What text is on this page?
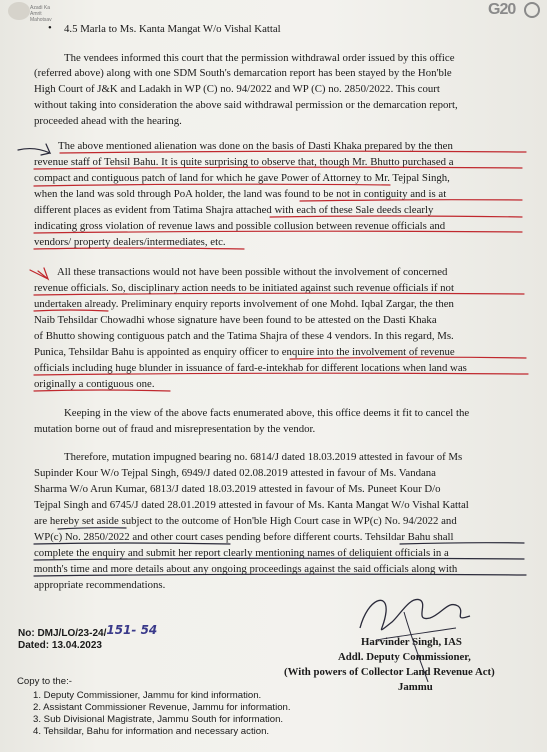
Azadi Ka
Amrit Mahotsav
G20
• 4.5 Marla to Ms. Kanta Mangat W/o Vishal Kattal
The vendees informed this court that the permission withdrawal order issued by this office
(referred above) along with one SDM South's demarcation report has been stayed by the Hon'ble
High Court of J&K and Ladakh in WP (C) no. 94/2022 and WP (C) no. 2850/2022. This court
without taking into consideration the above said withdrawal permission or the demarcation report,
proceeded ahead with the hearing.
The above mentioned alienation was done on the basis of Dasti Khaka prepared by the then
revenue staff of Tehsil Bahu. It is quite surprising to observe that, though Mr. Bhutto purchased a
compact and contiguous patch of land for which he gave Power of Attorney to Mr. Tejpal Singh,
when the land was sold through PoA holder, the land was found to be not in contiguity and is at
different places as evident from Tatima Shajra attached with each of these Sale deeds clearly
indicating gross violation of revenue laws and possible collusion between revenue officials and
vendors/ property dealers/intermediates, etc.
All these transactions would not have been possible without the involvement of concerned
revenue officials. So, disciplinary action needs to be initiated against such revenue officials if not
undertaken already. Preliminary enquiry reports involvement of one Mohd. Iqbal Zargar, the then
Naib Tehsildar Chowadhi whose signature have been found to be attested on the Dasti Khaka
of Bhutto showing contiguous patch and the Tatima Shajra of these 4 vendors. In this regard, Ms.
Punica, Tehsildar Bahu is appointed as enquiry officer to enquire into the involvement of revenue
officials including huge blunder in issuance of fard-e-intekhab for different locations when land was
originally a contiguous one.
Keeping in the view of the above facts enumerated above, this office deems it fit to cancel the
mutation borne out of fraud and misrepresentation by the vendor.
Therefore, mutation impugned bearing no. 6814/J dated 18.03.2019 attested in favour of Ms
Supinder Kour W/o Tejpal Singh, 6949/J dated 02.08.2019 attested in favour of Ms. Vandana
Sharma W/o Arun Kumar, 6813/J dated 18.03.2019 attested in favour of Ms. Puneet Kour D/o
Tejpal Singh and 6745/J dated 28.01.2019 attested in favour of Ms. Kanta Mangat W/o Vishal Kattal
are hereby set aside subject to the outcome of Hon'ble High Court case in WP(c) No. 94/2022 and
WP(c) No. 2850/2022 and other court cases pending before different courts. Tehsildar Bahu shall
complete the enquiry and submit her report clearly mentioning names of deliquient officials in a
month's time and more details about any ongoing proceedings against the said officials along with
appropriate recommendations.
No: DMJ/LO/23-24/151- 54
Dated: 13.04.2023	Harvinder Singh, IAS
Addl. Deputy Commissioner,
(With powers of Collector Land Revenue Act)
Jammu
Copy to the:-
1. Deputy Commissioner, Jammu for kind information.
2. Assistant Commissioner Revenue, Jammu for information.
3. Sub Divisional Magistrate, Jammu South for information.
4. Tehsildar, Bahu for information and necessary action.
